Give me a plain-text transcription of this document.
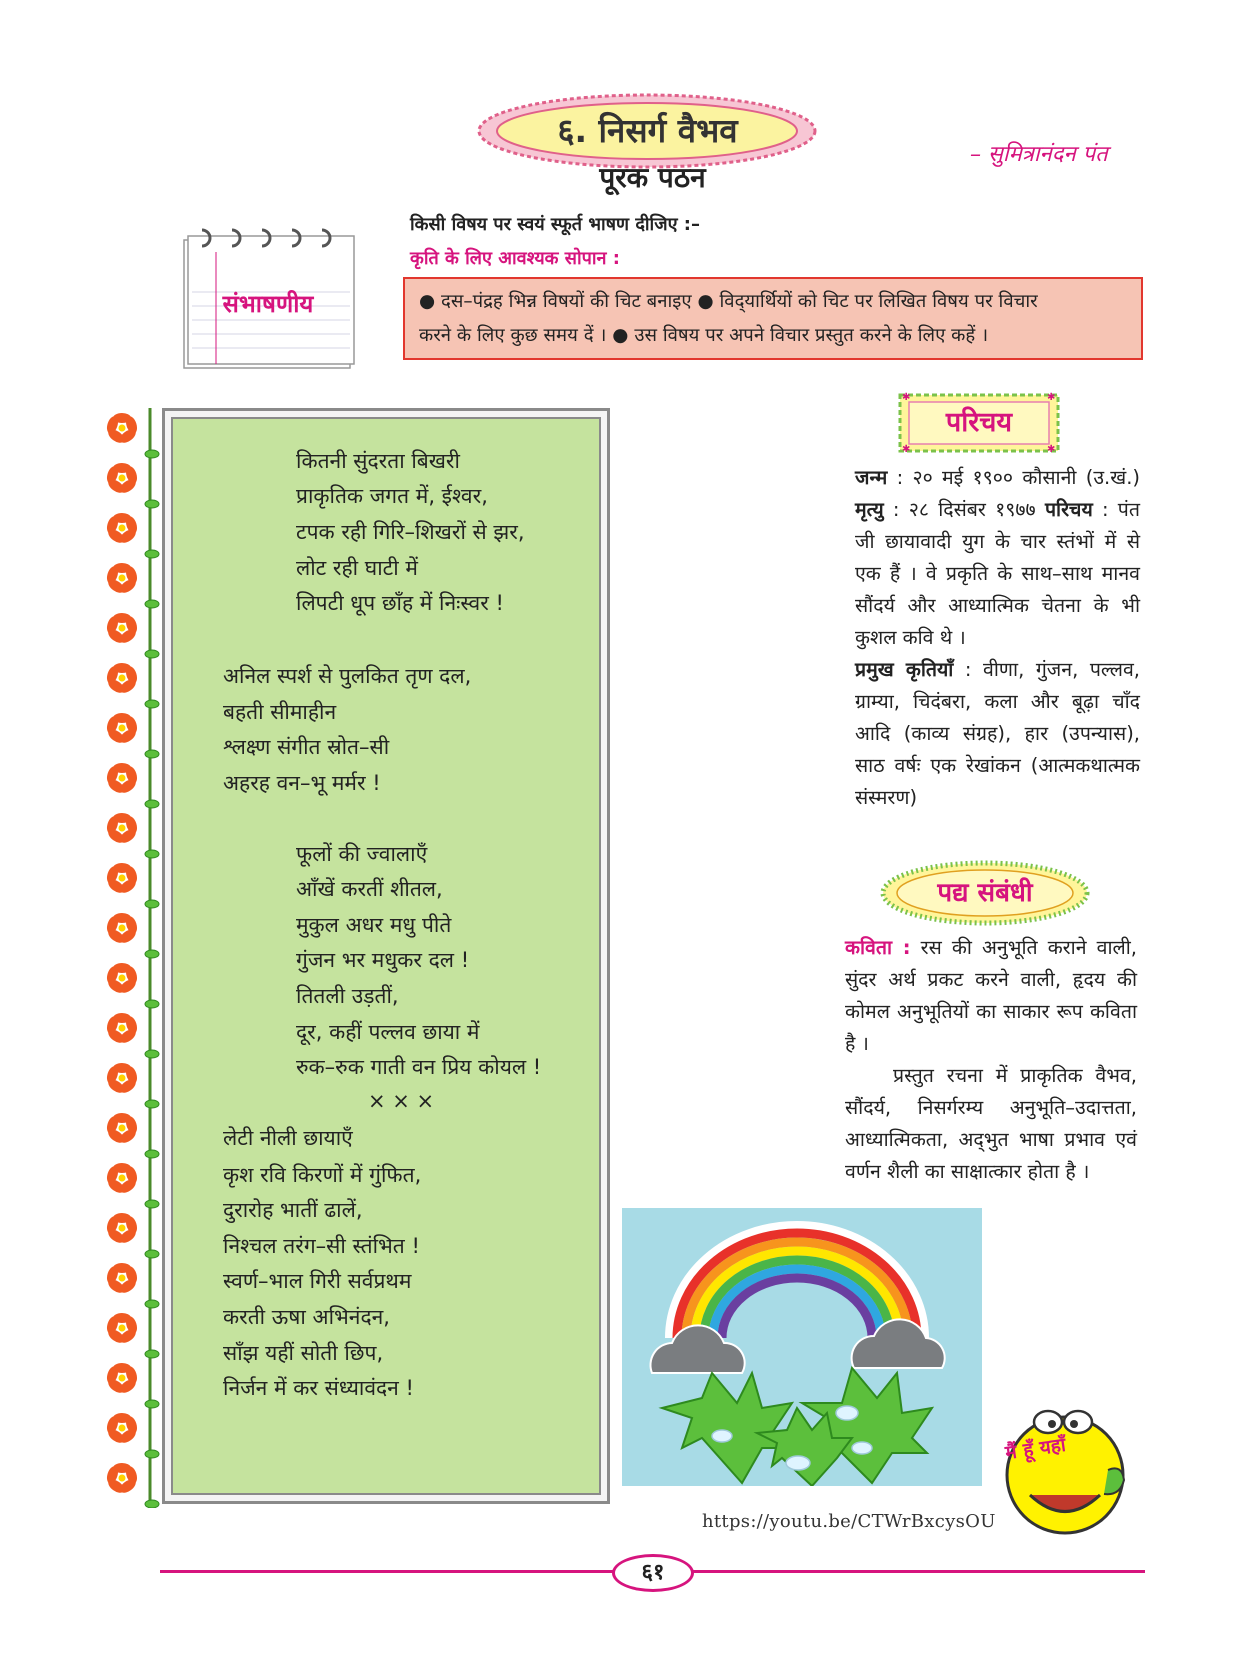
६. निसर्ग वैभव
– सुमित्रानंदन पंत
पूरक पठन
संभाषणीय
किसी विषय पर स्वयं स्फूर्त भाषण दीजिए :–
कृति के लिए आवश्यक सोपान :
● दस–पंद्रह भिन्न विषयों की चिट बनाइए ● विद्‌यार्थियों को चिट पर लिखित विषय पर विचार
करने के लिए कुछ समय दें । ● उस विषय पर अपने विचार प्रस्तुत करने के लिए कहें ।
कितनी सुंदरता बिखरी
प्राकृतिक जगत में, ईश्वर,
टपक रही गिरि–शिखरों से झर,
लोट रही घाटी में
लिपटी धूप छाँह में निःस्वर !
अनिल स्पर्श से पुलकित तृण दल,
बहती सीमाहीन
श्लक्ष्ण संगीत स्रोत–सी
अहरह वन–भू मर्मर !
फूलों की ज्वालाएँ
आँखें करतीं शीतल,
मुकुल अधर मधु पीते
गुंजन भर मधुकर दल !
तितली उड़तीं,
दूर, कहीं पल्लव छाया में
रुक–रुक गाती वन प्रिय कोयल !
× × ×
लेटी नीली छायाएँ
कृश रवि किरणों में गुंफित,
दुरारोह भातीं ढालें,
निश्चल तरंग–सी स्तंभित !
स्वर्ण–भाल गिरी सर्वप्रथम
करती ऊषा अभिनंदन,
साँझ यहीं सोती छिप,
निर्जन में कर संध्यावंदन !
✱	✱
✱	✱
परिचय
जन्म : २० मई १९०० कौसानी (उ.खं.) मृत्यु : २८ दिसंबर १९७७ परिचय : पंत जी छायावादी युग के चार स्तंभों में से एक हैं । वे प्रकृति के साथ–साथ मानव सौंदर्य और आध्यात्मिक चेतना के भी कुशल कवि थे ।
प्रमुख कृतियाँ : वीणा, गुंजन, पल्लव, ग्राम्या, चिदंबरा, कला और बूढ़ा चाँद आदि (काव्य संग्रह), हार (उपन्यास), साठ वर्षः एक रेखांकन (आत्मकथात्मक संस्मरण)
पद्य संबंधी
कविता : रस की अनुभूति कराने वाली, सुंदर अर्थ प्रकट करने वाली, हृदय की कोमल अनुभूतियों का साकार रूप कविता है ।
प्रस्तुत रचना में प्राकृतिक वैभव, सौंदर्य, निसर्गरम्य अनुभूति–उदात्तता, आध्यात्मिकता, अद्‌भुत भाषा प्रभाव एवं वर्णन शैली का साक्षात्कार होता है ।
मैं हूँ यहाँ
https://youtu.be/CTWrBxcysOU
६१
